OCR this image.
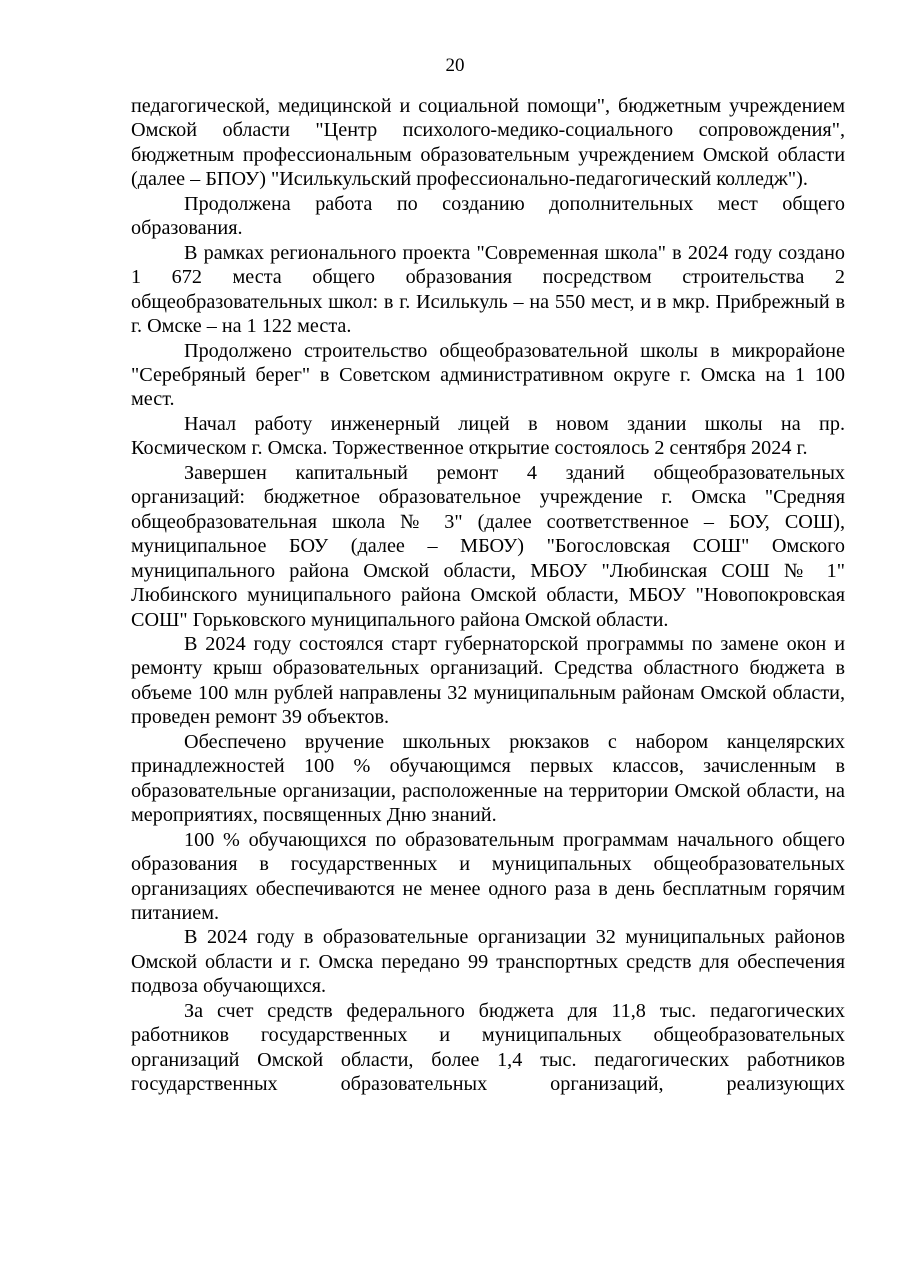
20

педагогической, медицинской и социальной помощи", бюджетным учреждением Омской области "Центр психолого-медико-социального сопровождения", бюджетным профессиональным образовательным учреждением Омской области (далее – БПОУ) "Исилькульский профессионально-педагогический колледж").

Продолжена работа по созданию дополнительных мест общего образования.

В рамках регионального проекта "Современная школа" в 2024 году создано 1 672 места общего образования посредством строительства 2 общеобразовательных школ: в г. Исилькуль – на 550 мест, и в мкр. Прибрежный в г. Омске – на 1 122 места.

Продолжено строительство общеобразовательной школы в микрорайоне "Серебряный берег" в Советском административном округе г. Омска на 1 100 мест.

Начал работу инженерный лицей в новом здании школы на пр. Космическом г. Омска. Торжественное открытие состоялось 2 сентября 2024 г.

Завершен капитальный ремонт 4 зданий общеобразовательных организаций: бюджетное образовательное учреждение г. Омска "Средняя общеобразовательная школа № 3" (далее соответственное – БОУ, СОШ), муниципальное БОУ (далее – МБОУ) "Богословская СОШ" Омского муниципального района Омской области, МБОУ "Любинская СОШ № 1" Любинского муниципального района Омской области, МБОУ "Новопокровская СОШ" Горьковского муниципального района Омской области.

В 2024 году состоялся старт губернаторской программы по замене окон и ремонту крыш образовательных организаций. Средства областного бюджета в объеме 100 млн рублей направлены 32 муниципальным районам Омской области, проведен ремонт 39 объектов.

Обеспечено вручение школьных рюкзаков с набором канцелярских принадлежностей 100 % обучающимся первых классов, зачисленным в образовательные организации, расположенные на территории Омской области, на мероприятиях, посвященных Дню знаний.

100 % обучающихся по образовательным программам начального общего образования в государственных и муниципальных общеобразовательных организациях обеспечиваются не менее одного раза в день бесплатным горячим питанием.

В 2024 году в образовательные организации 32 муниципальных районов Омской области и г. Омска передано 99 транспортных средств для обеспечения подвоза обучающихся.

За счет средств федерального бюджета для 11,8 тыс. педагогических работников государственных и муниципальных общеобразовательных организаций Омской области, более 1,4 тыс. педагогических работников государственных образовательных организаций, реализующих
